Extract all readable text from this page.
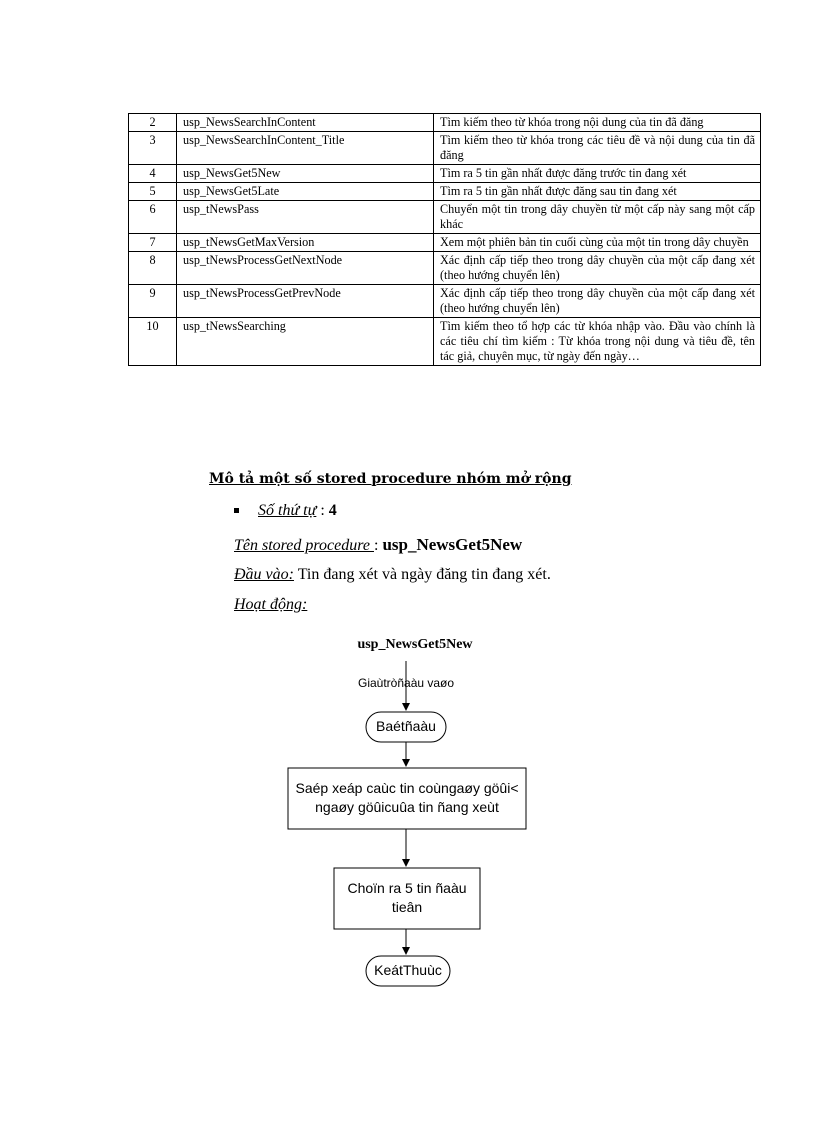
2	usp_NewsSearchInContent	Tìm kiếm theo từ khóa trong nội dung của tin đã đăng
3	usp_NewsSearchInContent_Title	Tìm kiếm theo từ khóa trong các tiêu đề và nội dung của tin đã đăng
4	usp_NewsGet5New	Tìm ra 5 tin gần nhất được đăng trước tin đang xét
5	usp_NewsGet5Late	Tìm ra 5 tin gần nhất được đăng sau tin đang xét
6	usp_tNewsPass	Chuyển một tin trong dây chuyền từ một cấp này sang một cấp khác
7	usp_tNewsGetMaxVersion	Xem một phiên bản tin cuối cùng của một tin trong dây chuyền
8	usp_tNewsProcessGetNextNode	Xác định cấp tiếp theo trong dây chuyền của một cấp đang xét (theo hướng chuyển lên)
9	usp_tNewsProcessGetPrevNode	Xác định cấp tiếp theo trong dây chuyền của một cấp đang xét (theo hướng chuyển lên)
10	usp_tNewsSearching	Tìm kiếm theo tổ hợp các từ khóa nhập vào. Đầu vào chính là các tiêu chí tìm kiếm : Từ khóa trong nội dung và tiêu đề, tên tác giả, chuyên mục, từ ngày đến ngày…
Mô tả một số stored procedure nhóm mở rộng
Số thứ tự : 4
Tên stored procedure : usp_NewsGet5New
Đầu vào: Tin đang xét và ngày đăng tin đang xét.
Hoạt động:
usp_NewsGet5New
Giaùtròñaàu vaøo
Baétñaàu
Saép xeáp caùc tin coùngaøy göûi<
ngaøy göûicuûa tin ñang xeùt
Choïn ra 5 tin ñaàu
tieân
KeátThuùc
